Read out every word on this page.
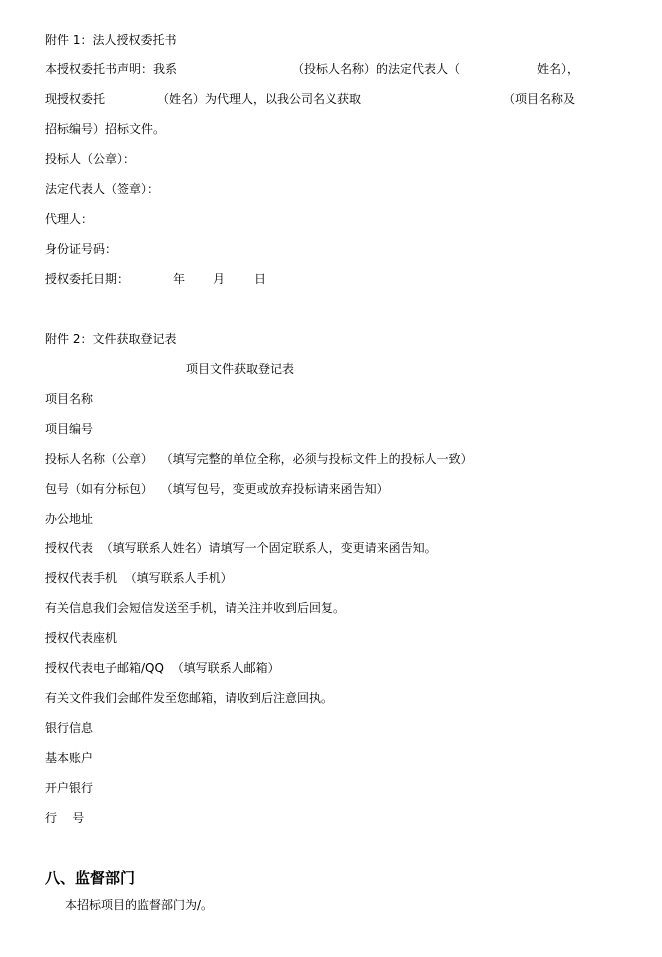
附件 1：法人授权委托书
本授权委托书声明：我系	（投标人名称）的法定代表人（	姓名），
现授权委托	（姓名）为代理人，以我公司名义获取	（项目名称及
招标编号）招标文件。
投标人（公章）：
法定代表人（签章）：
代理人：
身份证号码：
授权委托日期：	年 月 日
附件 2：文件获取登记表
项目文件获取登记表
项目名称
项目编号
投标人名称（公章）  （填写完整的单位全称，必须与投标文件上的投标人一致）
包号（如有分标包）  （填写包号，变更或放弃投标请来函告知）
办公地址
授权代表  （填写联系人姓名）请填写一个固定联系人，变更请来函告知。
授权代表手机  （填写联系人手机）
有关信息我们会短信发送至手机，请关注并收到后回复。
授权代表座机
授权代表电子邮箱/QQ  （填写联系人邮箱）
有关文件我们会邮件发至您邮箱，请收到后注意回执。
银行信息
基本账户
开户银行
行    号
八、监督部门
本招标项目的监督部门为/。
